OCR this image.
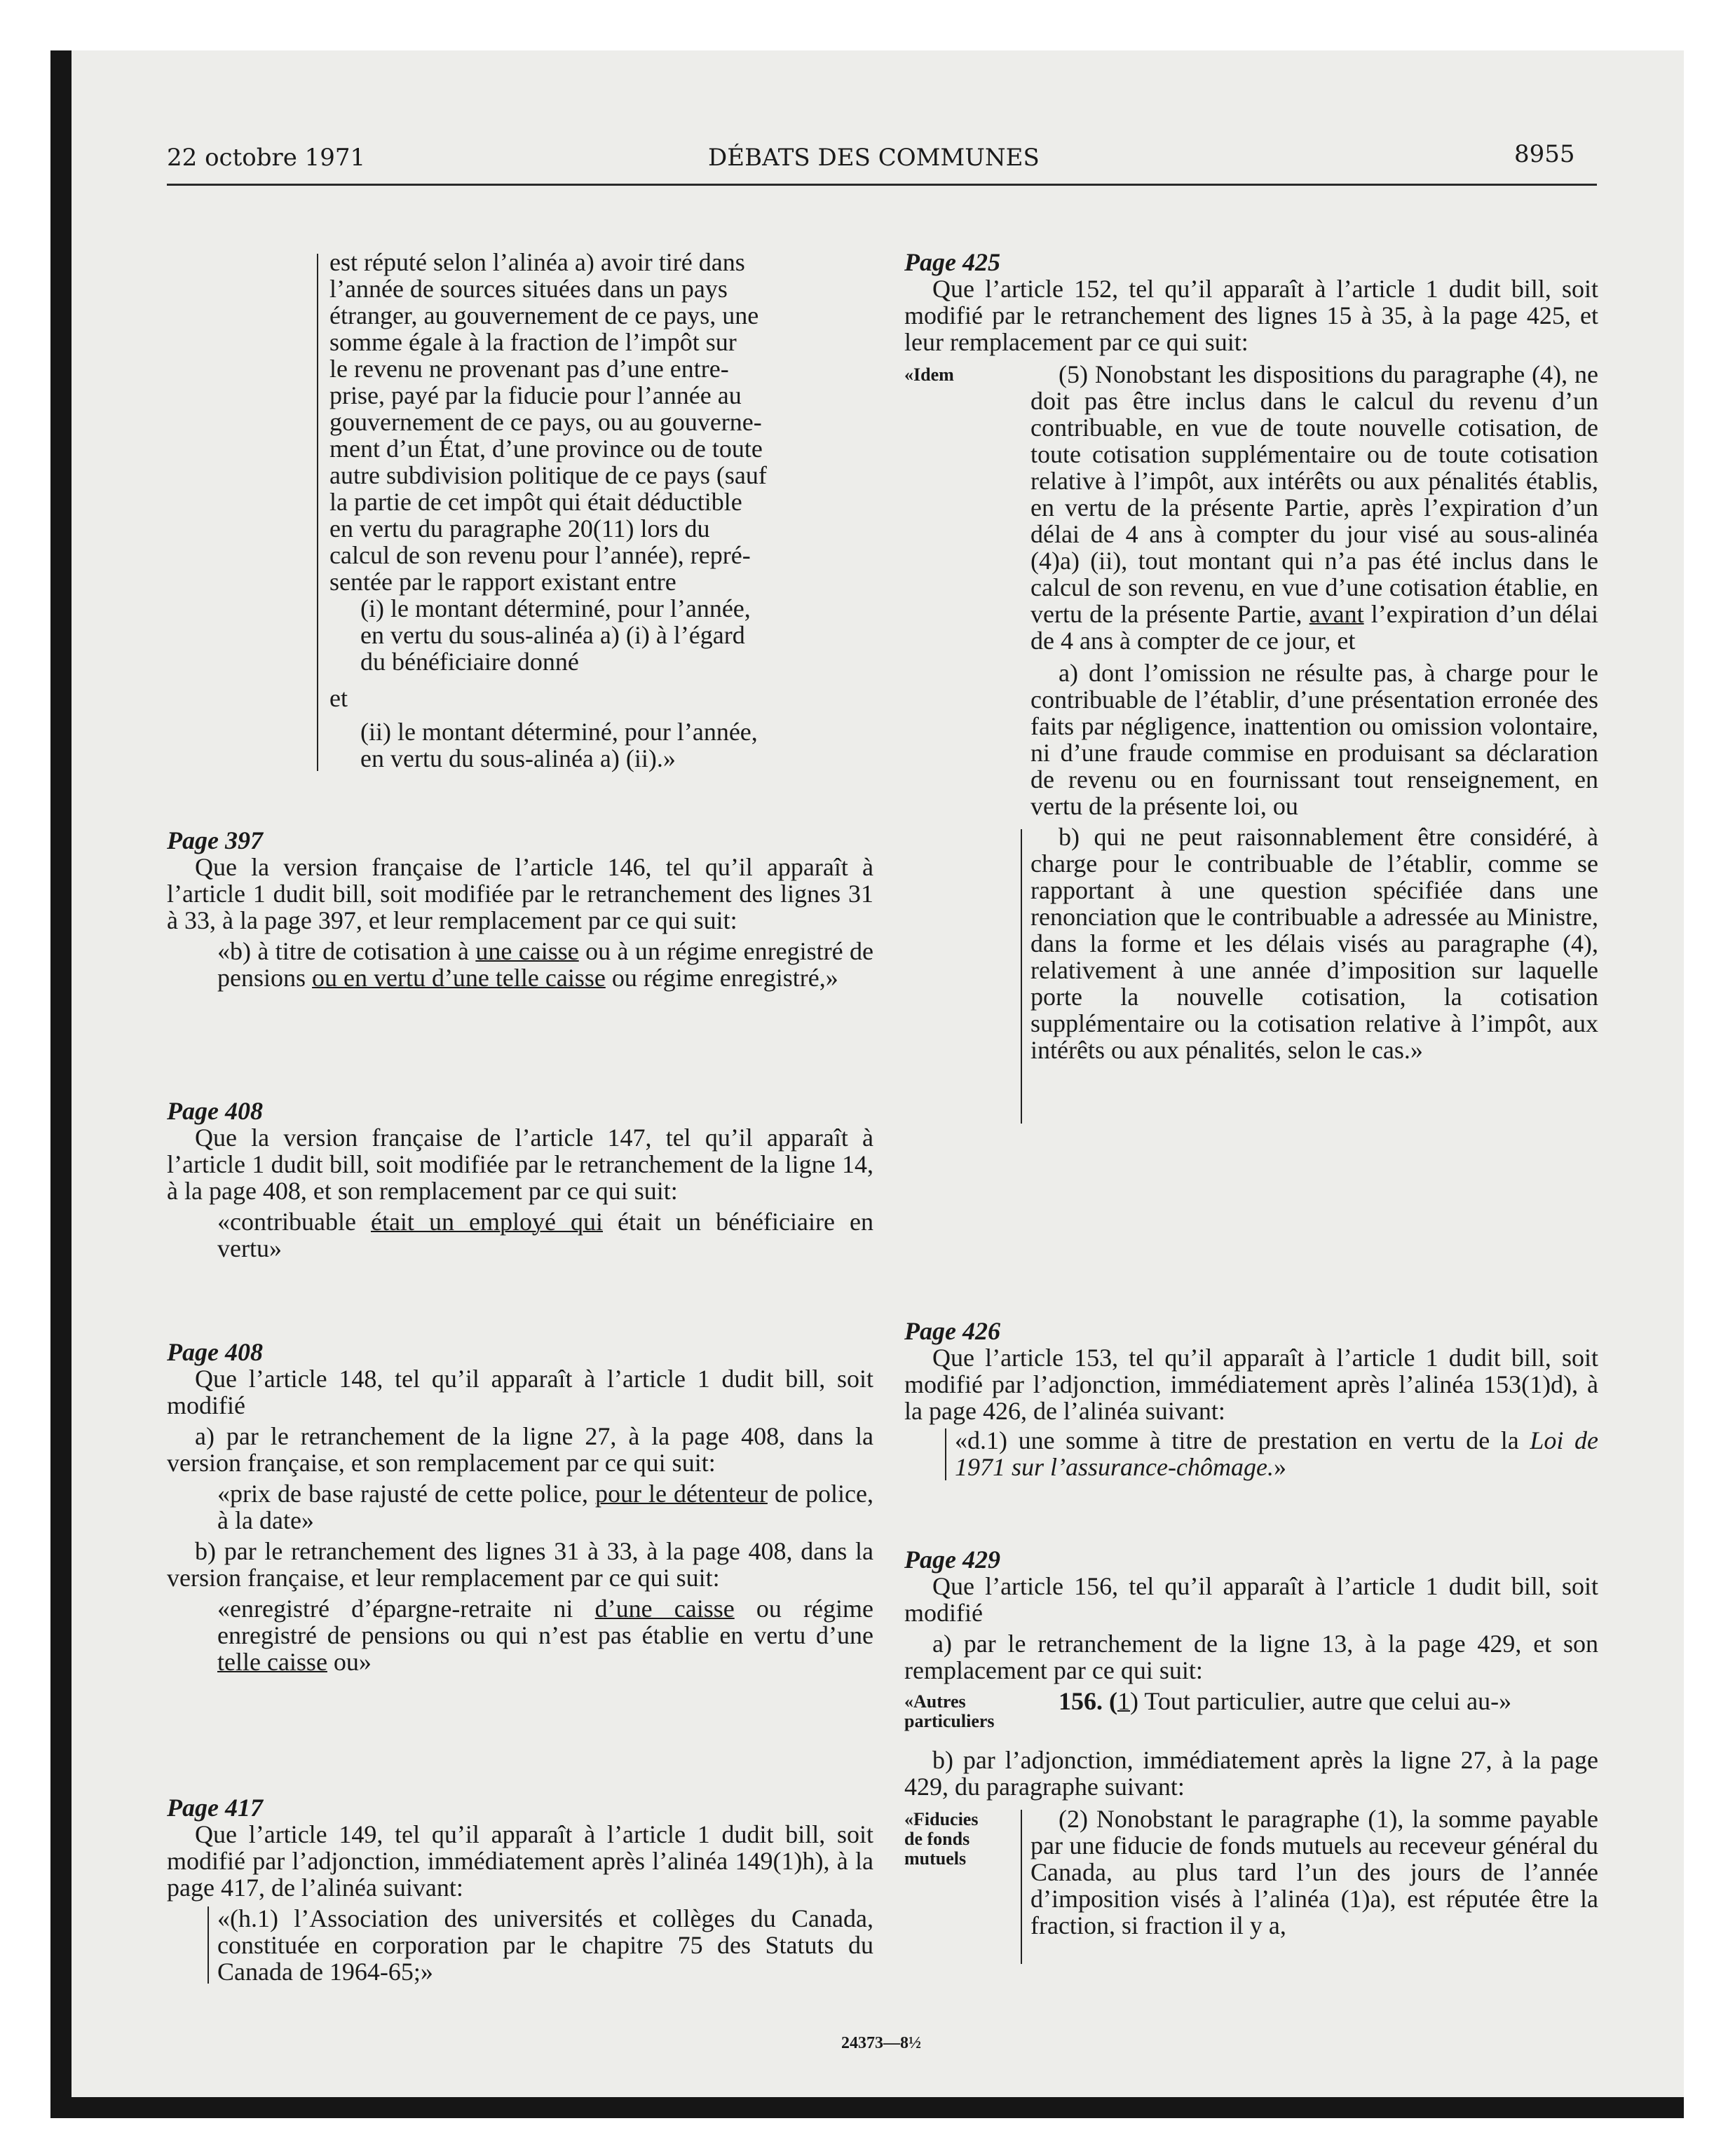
22 octobre 1971	DÉBATS DES COMMUNES	8955

est réputé selon l’alinéa a) avoir tiré dans

l’année de sources situées dans un pays

étranger, au gouvernement de ce pays, une

somme égale à la fraction de l’impôt sur

le revenu ne provenant pas d’une entre-

prise, payé par la fiducie pour l’année au

gouvernement de ce pays, ou au gouverne-

ment d’un État, d’une province ou de toute

autre subdivision politique de ce pays (sauf

la partie de cet impôt qui était déductible

en vertu du paragraphe 20(11) lors du

calcul de son revenu pour l’année), repré-

sentée par le rapport existant entre

(i) le montant déterminé, pour l’année,

en vertu du sous-alinéa a) (i) à l’égard

du bénéficiaire donné

et

(ii) le montant déterminé, pour l’année,

en vertu du sous-alinéa a) (ii).»

Page 397

Que la version française de l’article 146, tel qu’il apparaît à l’article 1 dudit bill, soit modifiée par le retranchement des lignes 31 à 33, à la page 397, et leur remplacement par ce qui suit:

«b) à titre de cotisation à une caisse ou à un régime enregistré de pensions ou en vertu d’une telle caisse ou régime enregistré,»

Page 408

Que la version française de l’article 147, tel qu’il apparaît à l’article 1 dudit bill, soit modifiée par le retranchement de la ligne 14, à la page 408, et son remplacement par ce qui suit:

«contribuable était un employé qui était un bénéficiaire en vertu»

Page 408

Que l’article 148, tel qu’il apparaît à l’article 1 dudit bill, soit modifié

a) par le retranchement de la ligne 27, à la page 408, dans la version française, et son remplacement par ce qui suit:

«prix de base rajusté de cette police, pour le détenteur de police, à la date»

b) par le retranchement des lignes 31 à 33, à la page 408, dans la version française, et leur remplacement par ce qui suit:

«enregistré d’épargne-retraite ni d’une caisse ou régime enregistré de pensions ou qui n’est pas établie en vertu d’une telle caisse ou»

Page 417

Que l’article 149, tel qu’il apparaît à l’article 1 dudit bill, soit modifié par l’adjonction, immédiatement après l’alinéa 149(1)h), à la page 417, de l’alinéa suivant:

«(h.1) l’Association des universités et collèges du Canada, constituée en corporation par le chapitre 75 des Statuts du Canada de 1964-65;»

Page 425

Que l’article 152, tel qu’il apparaît à l’article 1 dudit bill, soit modifié par le retranchement des lignes 15 à 35, à la page 425, et leur remplacement par ce qui suit:

«Idem	(5) Nonobstant les dispositions du paragraphe (4), ne doit pas être inclus dans le calcul du revenu d’un contribuable, en vue de toute nouvelle cotisation, de toute cotisation supplémentaire ou de toute cotisation relative à l’impôt, aux intérêts ou aux pénalités établis, en vertu de la présente Partie, après l’expiration d’un délai de 4 ans à compter du jour visé au sous-alinéa (4)a) (ii), tout montant qui n’a pas été inclus dans le calcul de son revenu, en vue d’une cotisation établie, en vertu de la présente Partie, avant l’expiration d’un délai de 4 ans à compter de ce jour, et

a) dont l’omission ne résulte pas, à charge pour le contribuable de l’établir, d’une présentation erronée des faits par négligence, inattention ou omission volontaire, ni d’une fraude commise en produisant sa déclaration de revenu ou en fournissant tout renseignement, en vertu de la présente loi, ou

b) qui ne peut raisonnablement être considéré, à charge pour le contribuable de l’établir, comme se rapportant à une question spécifiée dans une renonciation que le contribuable a adressée au Ministre, dans la forme et les délais visés au paragraphe (4), relativement à une année d’imposition sur laquelle porte la nouvelle cotisation, la cotisation supplémentaire ou la cotisation relative à l’impôt, aux intérêts ou aux pénalités, selon le cas.»

Page 426

Que l’article 153, tel qu’il apparaît à l’article 1 dudit bill, soit modifié par l’adjonction, immédiatement après l’alinéa 153(1)d), à la page 426, de l’alinéa suivant:

«d.1) une somme à titre de prestation en vertu de la Loi de 1971 sur l’assurance-chômage.»

Page 429

Que l’article 156, tel qu’il apparaît à l’article 1 dudit bill, soit modifié

a) par le retranchement de la ligne 13, à la page 429, et son remplacement par ce qui suit:

«Autres
particuliers

156. (1) Tout particulier, autre que celui au-»

b) par l’adjonction, immédiatement après la ligne 27, à la page 429, du paragraphe suivant:

«Fiducies
de fonds
mutuels

(2) Nonobstant le paragraphe (1), la somme payable par une fiducie de fonds mutuels au receveur général du Canada, au plus tard l’un des jours de l’année d’imposition visés à l’alinéa (1)a), est réputée être la fraction, si fraction il y a,

24373—8½
